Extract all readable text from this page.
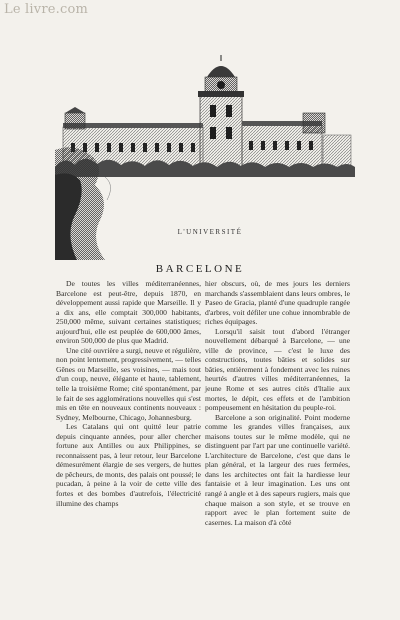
Le livre.com
L'UNIVERSITÉ
BARCELONE

De toutes les villes méditerranéennes, Barcelone est peut-être, depuis 1870, en développement aussi rapide que Marseille. Il y a dix ans, elle comptait 300,000 habitants, 250,000 même, suivant certaines statistiques; aujourd'hui, elle est peuplée de 600,000 âmes, environ 500,000 de plus que Madrid.

Une cité ouvrière a surgi, neuve et régulière, non point lentement, progressivement, — telles Gênes ou Marseille, ses voisines, — mais tout d'un coup, neuve, élégante et haute, tablement, telle la troisième Rome; cité spontanément, par le fait de ses agglomérations nouvelles qui s'est mis en tête en nouveaux continents nouveaux : Sydney, Melbourne, Chicago, Johannesburg.

Les Catalans qui ont quitté leur patrie depuis cinquante années, pour aller chercher fortune aux Antilles ou aux Philippines, se reconnaissent pas, à leur retour, leur Barcelone démesurément élargie de ses vergers, de huttes de pêcheurs, de monts, des palais ont poussé; le pucadan, à peine à la voir de cette ville des fortes et des bombes d'autrefois, l'électricité illumine des champs

hier obscurs, où, de mes jours les derniers marchands s'assemblaient dans leurs ombres, le Paseo de Gracia, planté d'une quadruple rangée d'arbres, voit défiler une cohue innombrable de riches équipages.

Lorsqu'il saisit tout d'abord l'étranger nouvellement débarqué à Barcelone, — une ville de province, — c'est le luxe des constructions, toutes bâties et solides sur bâties, entièrement à fondement avec les ruines heurtés d'autres villes méditerranéennes, la jeune Rome et ses autres cités d'Italie aux mortes, le dépit, ces effets et de l'ambition pompeusement en hésitation du peuple-roi.

Barcelone a son originalité. Point moderne comme les grandes villes françaises, aux maisons toutes sur le même modèle, qui ne distinguent par l'art par une continuelle variété. L'architecture de Barcelone, c'est que dans le plan général, et la largeur des rues fermées, dans les architectes ont fait la hardiesse leur fantaisie et à leur imagination. Les uns ont rangé à angle et à des sapeurs rugiers, mais que chaque maison a son style, et se trouve en rapport avec le plan fortement suite de casernes. La maison d'à côté
